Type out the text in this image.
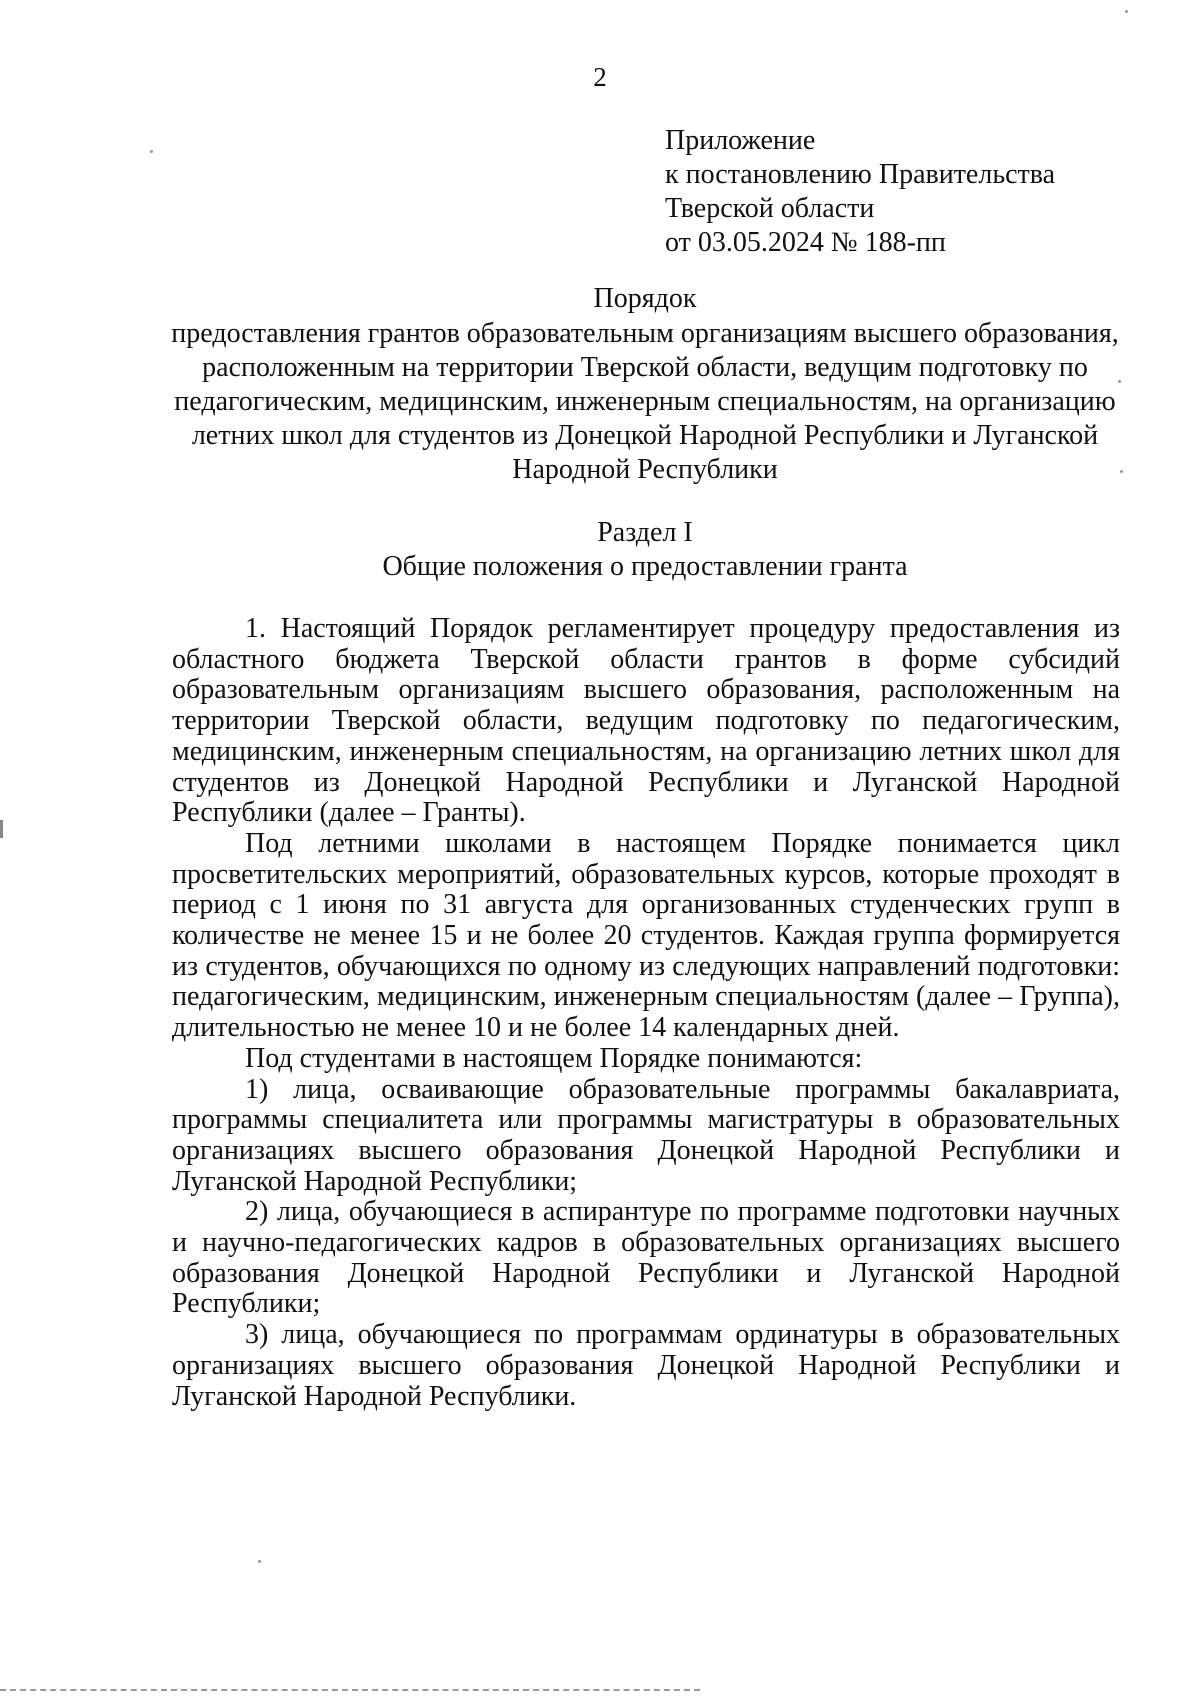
2
Приложение
к постановлению Правительства
Тверской области
от 03.05.2024 № 188-пп
Порядок
предоставления грантов образовательным организациям высшего образования, расположенным на территории Тверской области, ведущим подготовку по педагогическим, медицинским, инженерным специальностям, на организацию летних школ для студентов из Донецкой Народной Республики и Луганской Народной Республики
Раздел I
Общие положения о предоставлении гранта

1. Настоящий Порядок регламентирует процедуру предоставления из областного бюджета Тверской области грантов в форме субсидий образовательным организациям высшего образования, расположенным на территории Тверской области, ведущим подготовку по педагогическим, медицинским, инженерным специальностям, на организацию летних школ для студентов из Донецкой Народной Республики и Луганской Народной Республики (далее – Гранты).

Под летними школами в настоящем Порядке понимается цикл просветительских мероприятий, образовательных курсов, которые проходят в период с 1 июня по 31 августа для организованных студенческих групп в количестве не менее 15 и не более 20 студентов. Каждая группа формируется из студентов, обучающихся по одному из следующих направлений подготовки: педагогическим, медицинским, инженерным специальностям (далее – Группа), длительностью не менее 10 и не более 14 календарных дней.

Под студентами в настоящем Порядке понимаются:

1) лица, осваивающие образовательные программы бакалавриата, программы специалитета или программы магистратуры в образовательных организациях высшего образования Донецкой Народной Республики и Луганской Народной Республики;

2) лица, обучающиеся в аспирантуре по программе подготовки научных и научно-педагогических кадров в образовательных организациях высшего образования Донецкой Народной Республики и Луганской Народной Республики;

3) лица, обучающиеся по программам ординатуры в образовательных организациях высшего образования Донецкой Народной Республики и Луганской Народной Республики.
